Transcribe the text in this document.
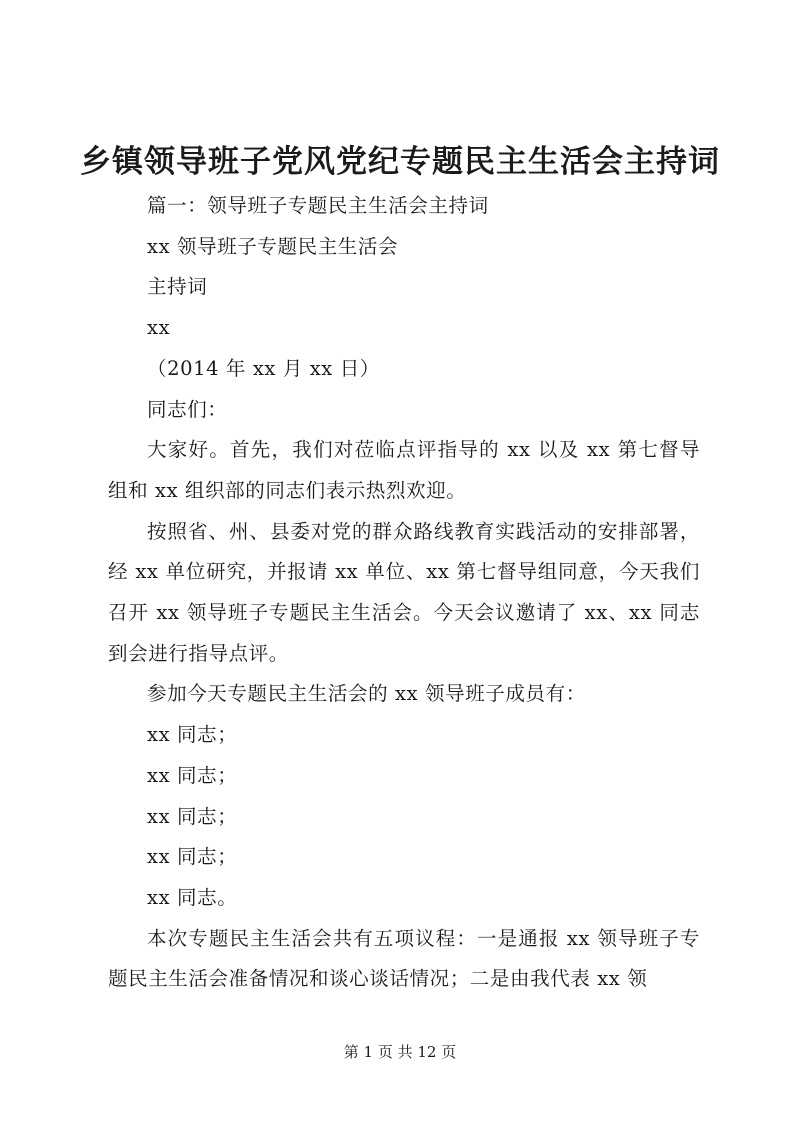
乡镇领导班子党风党纪专题民主生活会主持词

篇一：领导班子专题民主生活会主持词

xx 领导班子专题民主生活会

主持词

xx

（2014 年 xx 月 xx 日）

同志们：

大家好。首先，我们对莅临点评指导的 xx 以及 xx 第七督导组和 xx 组织部的同志们表示热烈欢迎。

按照省、州、县委对党的群众路线教育实践活动的安排部署，经 xx 单位研究，并报请 xx 单位、xx 第七督导组同意，今天我们召开 xx 领导班子专题民主生活会。今天会议邀请了 xx、xx 同志到会进行指导点评。

参加今天专题民主生活会的 xx 领导班子成员有：

xx 同志；

xx 同志；

xx 同志；

xx 同志；

xx 同志。

本次专题民主生活会共有五项议程：一是通报 xx 领导班子专题民主生活会准备情况和谈心谈话情况；二是由我代表 xx 领

第 1 页 共 12 页
